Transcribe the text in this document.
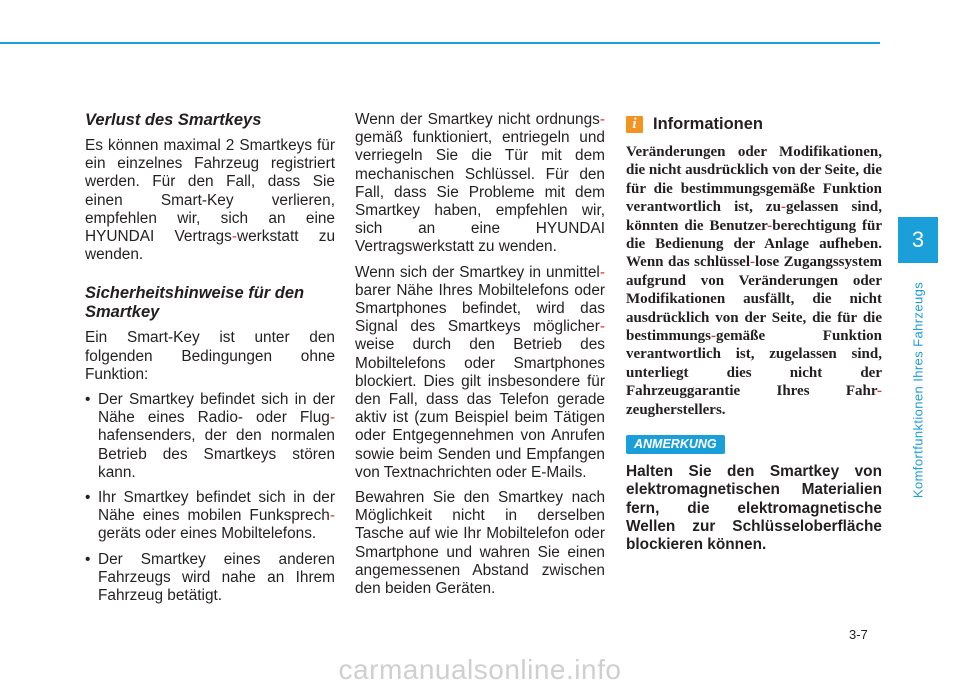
Verlust des Smartkeys

Es können maximal 2 Smartkeys für ein einzelnes Fahrzeug registriert werden. Für den Fall, dass Sie einen Smart-Key verlieren, empfehlen wir, sich an eine HYUNDAI Vertrags-werkstatt zu wenden.

Sicherheitshinweise für den Smartkey

Ein Smart-Key ist unter den folgenden Bedingungen ohne Funktion:

• Der Smartkey befindet sich in der Nähe eines Radio- oder Flug-hafensenders, der den normalen Betrieb des Smartkeys stören kann.
• Ihr Smartkey befindet sich in der Nähe eines mobilen Funksprech-geräts oder eines Mobiltelefons.
• Der Smartkey eines anderen Fahrzeugs wird nahe an Ihrem Fahrzeug betätigt.

Wenn der Smartkey nicht ordnungs-gemäß funktioniert, entriegeln und verriegeln Sie die Tür mit dem mechanischen Schlüssel. Für den Fall, dass Sie Probleme mit dem Smartkey haben, empfehlen wir, sich an eine HYUNDAI Vertragswerkstatt zu wenden.

Wenn sich der Smartkey in unmittel-barer Nähe Ihres Mobiltelefons oder Smartphones befindet, wird das Signal des Smartkeys möglicher-weise durch den Betrieb des Mobiltelefons oder Smartphones blockiert. Dies gilt insbesondere für den Fall, dass das Telefon gerade aktiv ist (zum Beispiel beim Tätigen oder Entgegennehmen von Anrufen sowie beim Senden und Empfangen von Textnachrichten oder E-Mails.

Bewahren Sie den Smartkey nach Möglichkeit nicht in derselben Tasche auf wie Ihr Mobiltelefon oder Smartphone und wahren Sie einen angemessenen Abstand zwischen den beiden Geräten.

i Informationen

Veränderungen oder Modifikationen, die nicht ausdrücklich von der Seite, die für die bestimmungsgemäße Funktion verantwortlich ist, zu-gelassen sind, könnten die Benutzer-berechtigung für die Bedienung der Anlage aufheben. Wenn das schlüssel-lose Zugangssystem aufgrund von Veränderungen oder Modifikationen ausfällt, die nicht ausdrücklich von der Seite, die für die bestimmungs-gemäße Funktion verantwortlich ist, zugelassen sind, unterliegt dies nicht der Fahrzeuggarantie Ihres Fahr-zeugherstellers.

ANMERKUNG

Halten Sie den Smartkey von elektromagnetischen Materialien fern, die elektromagnetische Wellen zur Schlüsseloberfläche blockieren können.

3
Komfortfunktionen Ihres Fahrzeugs
3-7
carmanualsonline.info
